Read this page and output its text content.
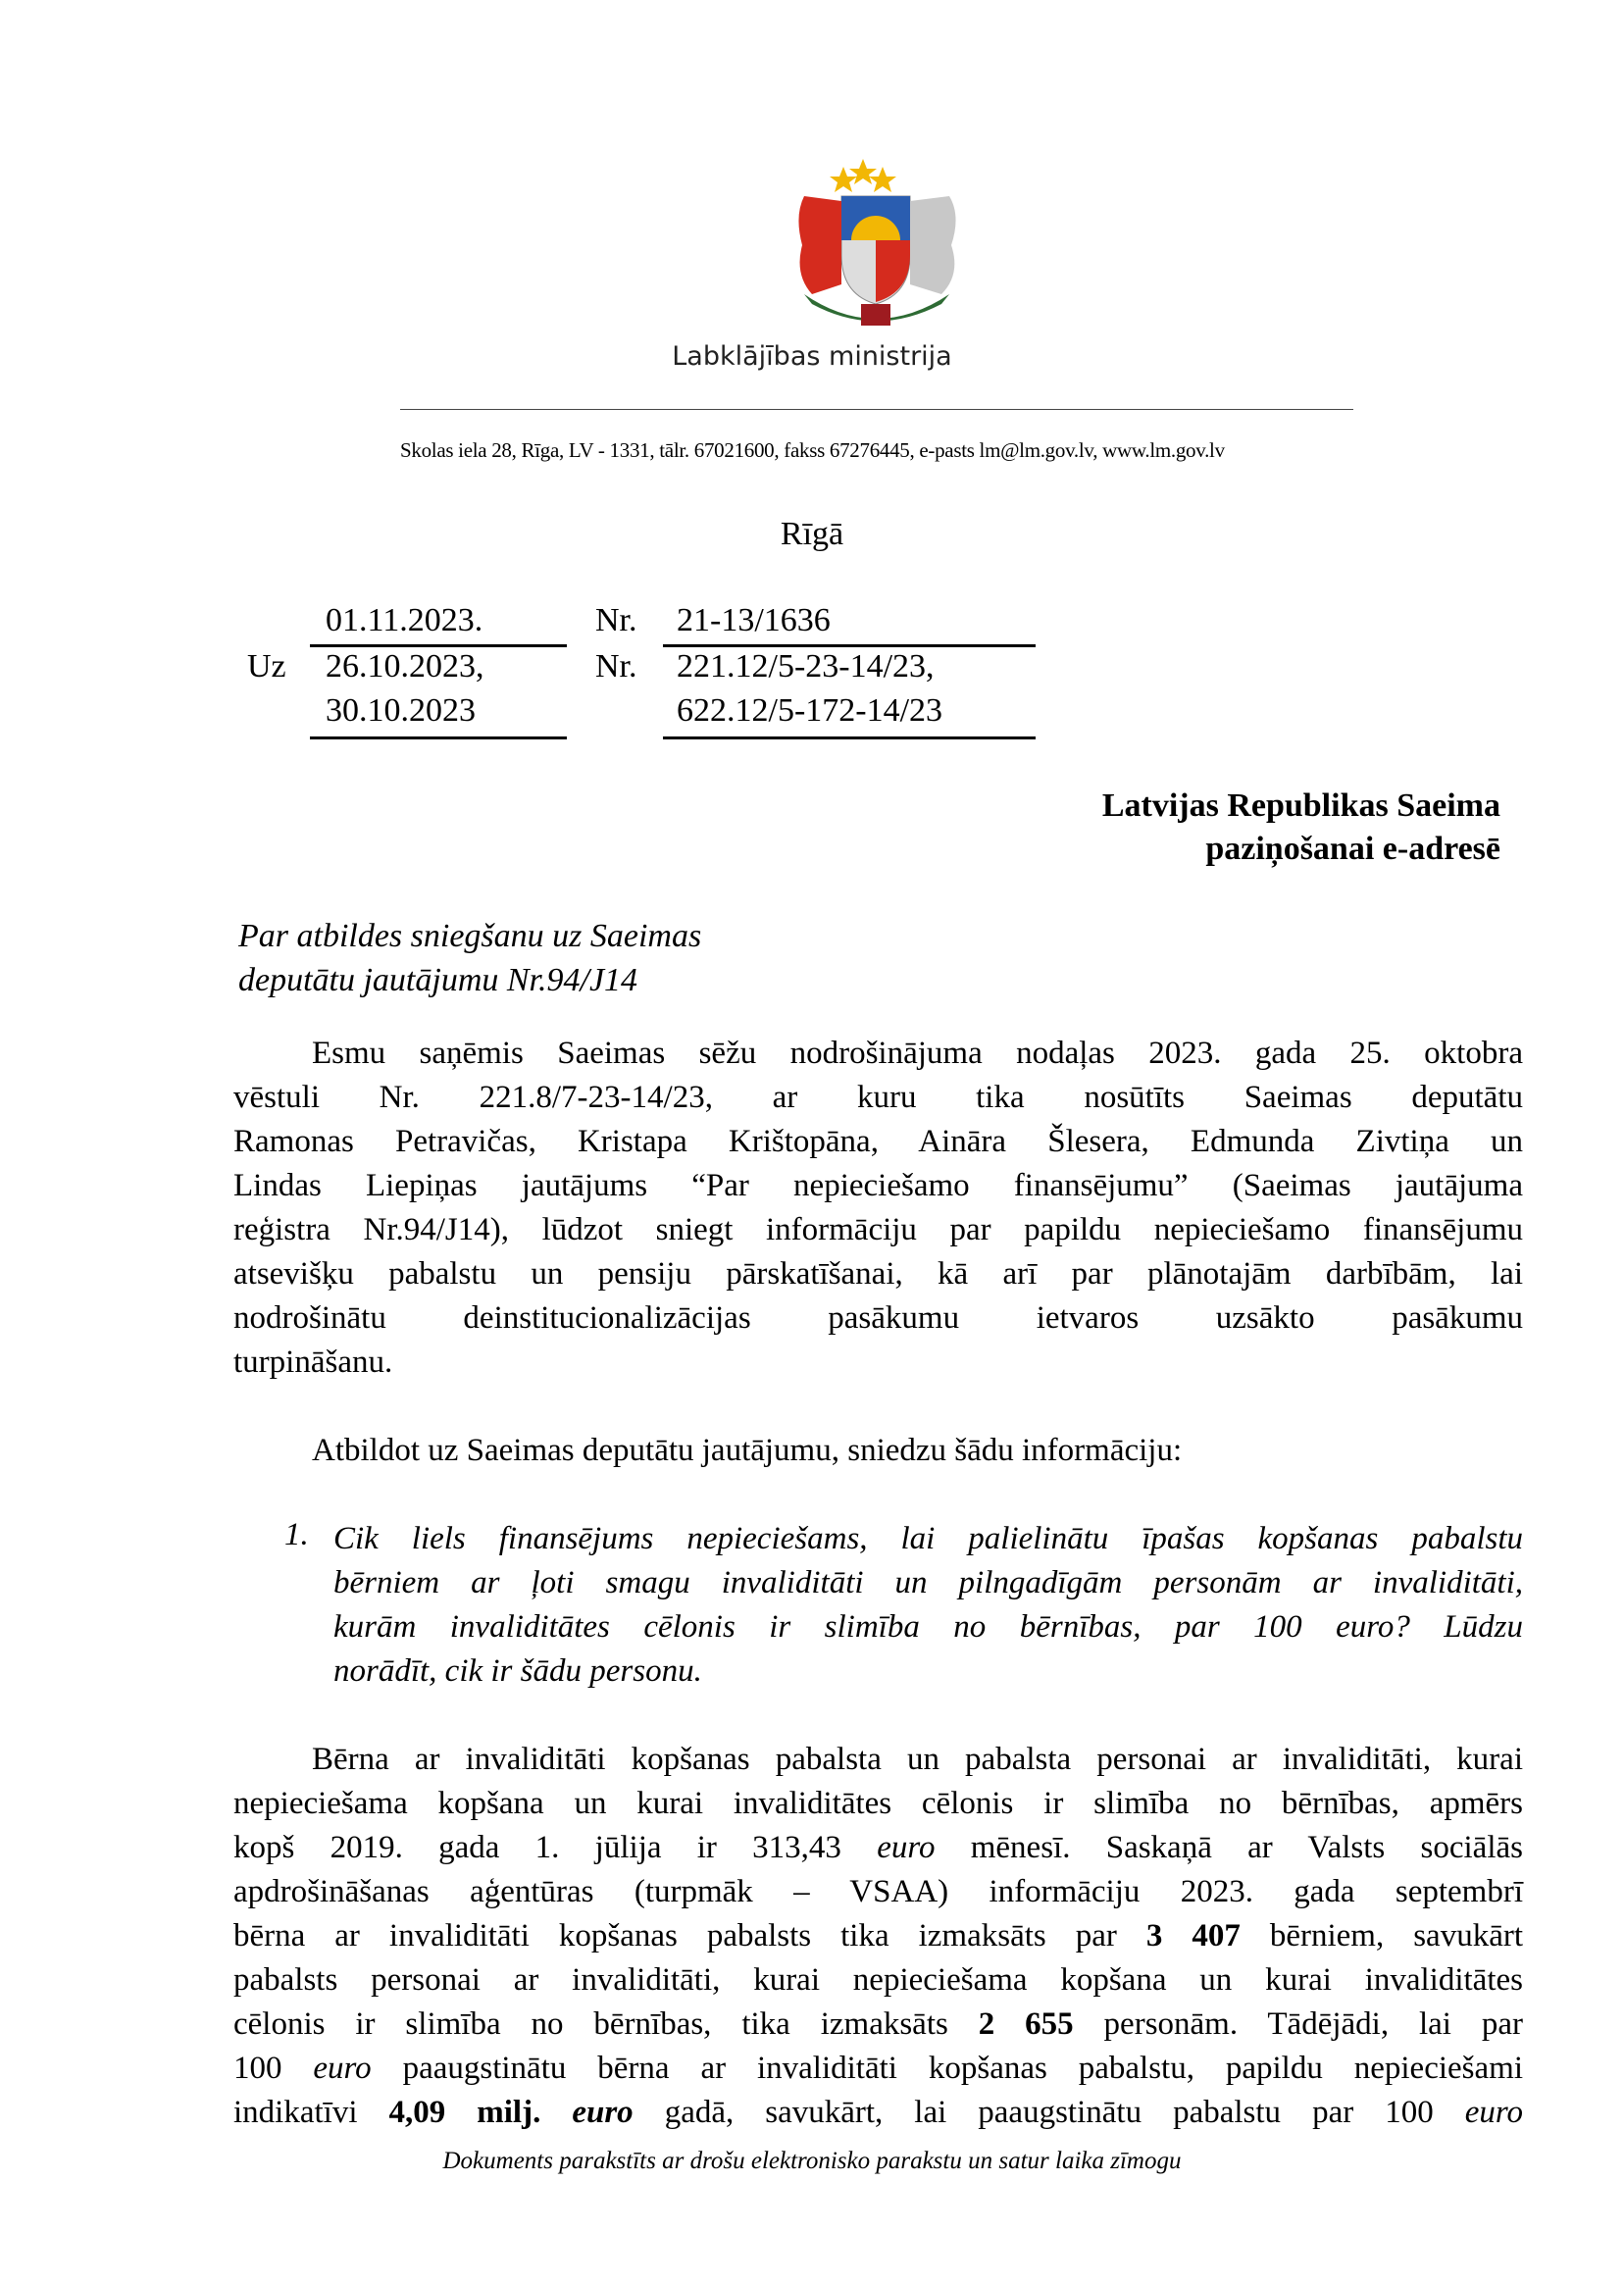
Labklājības ministrija
Skolas iela 28, Rīga, LV - 1331, tālr. 67021600, fakss 67276445, e-pasts lm@lm.gov.lv, www.lm.gov.lv
Rīgā
01.11.2023.	Nr. 21-13/1636
Uz 26.10.2023,
30.10.2023
Nr. 221.12/5-23-14/23,
622.12/5-172-14/23
Latvijas Republikas Saeima
paziņošanai e-adresē
Par atbildes sniegšanu uz Saeimas
deputātu jautājumu Nr.94/J14
Esmu saņēmis Saeimas sēžu nodrošinājuma nodaļas 2023. gada 25. oktobra
vēstuli Nr. 221.8/7-23-14/23, ar kuru tika nosūtīts Saeimas deputātu
Ramonas Petravičas, Kristapa Krištopāna, Aināra Šlesera, Edmunda Zivtiņa un
Lindas Liepiņas jautājums “Par nepieciešamo finansējumu” (Saeimas jautājuma
reģistra Nr.94/J14), lūdzot sniegt informāciju par papildu nepieciešamo finansējumu
atsevišķu pabalstu un pensiju pārskatīšanai, kā arī par plānotajām darbībām, lai
nodrošinātu deinstitucionalizācijas pasākumu ietvaros uzsākto pasākumu
turpināšanu.
Atbildot uz Saeimas deputātu jautājumu, sniedzu šādu informāciju:
1. Cik liels finansējums nepieciešams, lai palielinātu īpašas kopšanas pabalstu
bērniem ar ļoti smagu invaliditāti un pilngadīgām personām ar invaliditāti,
kurām invaliditātes cēlonis ir slimība no bērnības, par 100 euro? Lūdzu
norādīt, cik ir šādu personu.
Bērna ar invaliditāti kopšanas pabalsta un pabalsta personai ar invaliditāti, kurai
nepieciešama kopšana un kurai invaliditātes cēlonis ir slimība no bērnības, apmērs
kopš 2019. gada 1. jūlija ir 313,43 euro mēnesī. Saskaņā ar Valsts sociālās
apdrošināšanas aģentūras (turpmāk – VSAA) informāciju 2023. gada septembrī
bērna ar invaliditāti kopšanas pabalsts tika izmaksāts par 3 407 bērniem, savukārt
pabalsts personai ar invaliditāti, kurai nepieciešama kopšana un kurai invaliditātes
cēlonis ir slimība no bērnības, tika izmaksāts 2 655 personām. Tādējādi, lai par
100 euro paaugstinātu bērna ar invaliditāti kopšanas pabalstu, papildu nepieciešami
indikatīvi 4,09 milj. euro gadā, savukārt, lai paaugstinātu pabalstu par 100 euro
Dokuments parakstīts ar drošu elektronisko parakstu un satur laika zīmogu
